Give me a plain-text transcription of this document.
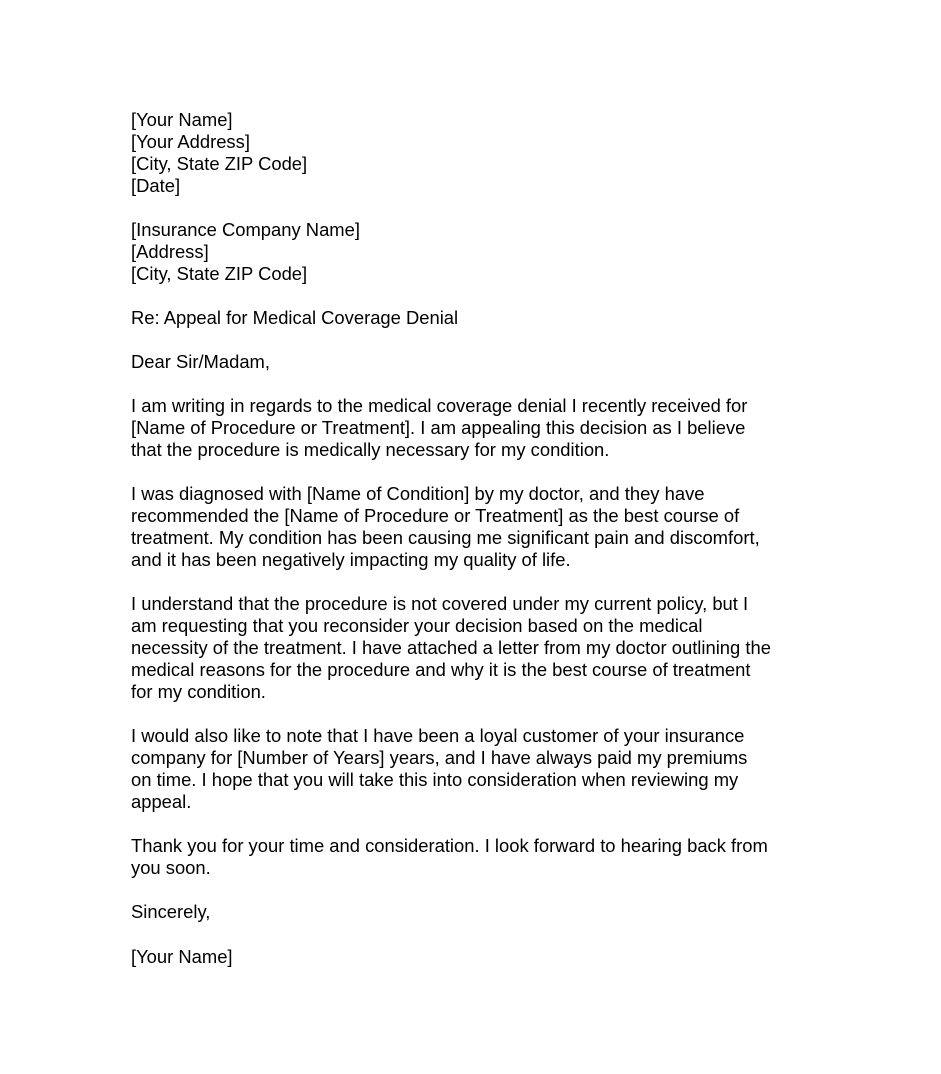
[Your Name]
[Your Address]
[City, State ZIP Code]
[Date]
[Insurance Company Name]
[Address]
[City, State ZIP Code]
Re: Appeal for Medical Coverage Denial
Dear Sir/Madam,

I am writing in regards to the medical coverage denial I recently received for
[Name of Procedure or Treatment]. I am appealing this decision as I believe
that the procedure is medically necessary for my condition.

I was diagnosed with [Name of Condition] by my doctor, and they have
recommended the [Name of Procedure or Treatment] as the best course of
treatment. My condition has been causing me significant pain and discomfort,
and it has been negatively impacting my quality of life.

I understand that the procedure is not covered under my current policy, but I
am requesting that you reconsider your decision based on the medical
necessity of the treatment. I have attached a letter from my doctor outlining the
medical reasons for the procedure and why it is the best course of treatment
for my condition.

I would also like to note that I have been a loyal customer of your insurance
company for [Number of Years] years, and I have always paid my premiums
on time. I hope that you will take this into consideration when reviewing my
appeal.

Thank you for your time and consideration. I look forward to hearing back from
you soon.

Sincerely,
[Your Name]
